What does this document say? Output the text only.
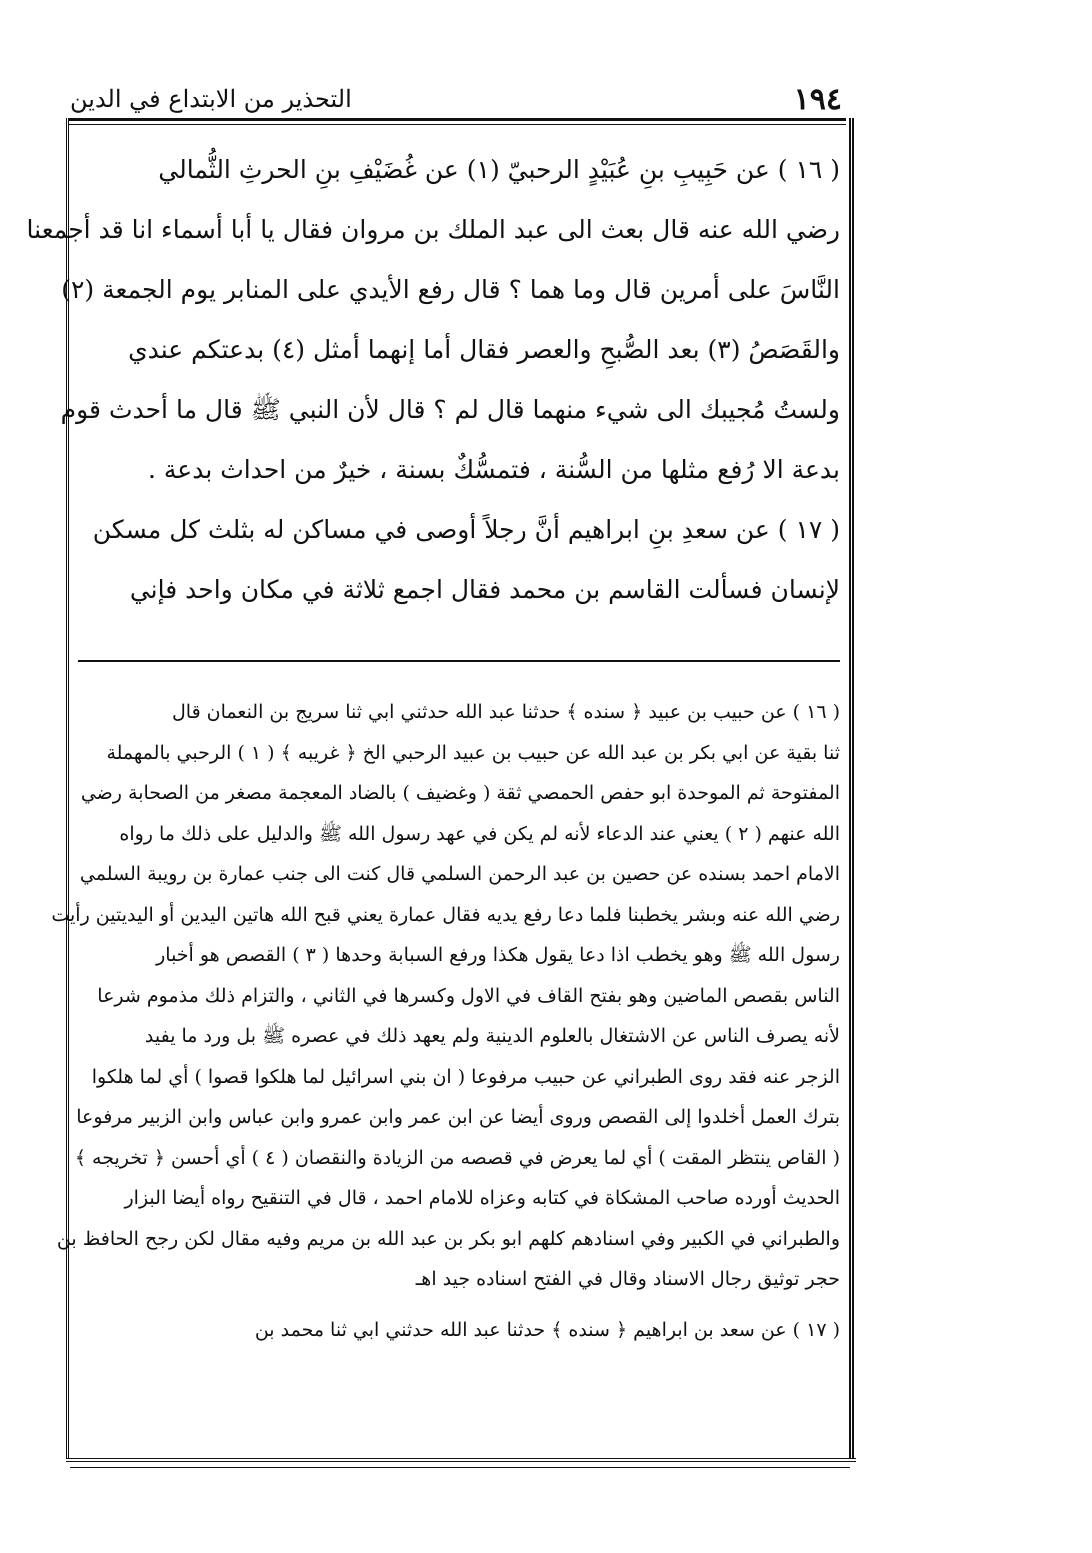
١٩٤
التحذير من الابتداع في الدين
( ١٦ ) عن حَبِيبِ بنِ عُبَيْدٍ الرحبيّ (١) عن غُضَيْفِ بنِ الحرثِ الثُّمالي
رضي الله عنه قال بعث الى عبد الملك بن مروان فقال يا أبا أسماء انا قد أجمعنا
النَّاسَ على أمرين قال وما هما ؟ قال رفع الأيدي على المنابر يوم الجمعة (٢)
والقَصَصُ (٣) بعد الصُّبحِ والعصر فقال أما إنهما أمثل (٤) بدعتكم عندي
ولستُ مُجيبك الى شيء منهما قال لم ؟ قال لأن النبي ﷺ قال ما أحدث قوم
بدعة الا رُفع مثلها من السُّنة ، فتمسُّكٌ بسنة ، خيرٌ من احداث بدعة .
( ١٧ ) عن سعدِ بنِ ابراهيم أنَّ رجلاً أوصى في مساكن له بثلث كل مسكن
لإنسان فسألت القاسم بن محمد فقال اجمع ثلاثة في مكان واحد فإني
( ١٦ ) عن حبيب بن عبيد ﴿ سنده ﴾ حدثنا عبد الله حدثني ابي ثنا سريج بن النعمان قال
ثنا بقية عن ابي بكر بن عبد الله عن حبيب بن عبيد الرحبي الخ ﴿ غريبه ﴾ ( ١ ) الرحبي بالمهملة
المفتوحة ثم الموحدة ابو حفص الحمصي ثقة ( وغضيف ) بالضاد المعجمة مصغر من الصحابة رضي
الله عنهم ( ٢ ) يعني عند الدعاء لأنه لم يكن في عهد رسول الله ﷺ والدليل على ذلك ما رواه
الامام احمد بسنده عن حصين بن عبد الرحمن السلمي قال كنت الى جنب عمارة بن رويبة السلمي
رضي الله عنه وبشر يخطبنا فلما دعا رفع يديه فقال عمارة يعني قبح الله هاتين اليدين أو اليديتين رأيت
رسول الله ﷺ وهو يخطب اذا دعا يقول هكذا ورفع السبابة وحدها ( ٣ ) القصص هو أخبار
الناس بقصص الماضين وهو بفتح القاف في الاول وكسرها في الثاني ، والتزام ذلك مذموم شرعا
لأنه يصرف الناس عن الاشتغال بالعلوم الدينية ولم يعهد ذلك في عصره ﷺ بل ورد ما يفيد
الزجر عنه فقد روى الطبراني عن حبيب مرفوعا ( ان بني اسرائيل لما هلكوا قصوا ) أي لما هلكوا
بترك العمل أخلدوا إلى القصص وروى أيضا عن ابن عمر وابن عمرو وابن عباس وابن الزبير مرفوعا
( القاص ينتظر المقت ) أي لما يعرض في قصصه من الزيادة والنقصان ( ٤ ) أي أحسن ﴿ تخريجه ﴾
الحديث أورده صاحب المشكاة في كتابه وعزاه للامام احمد ، قال في التنقيح رواه أيضا البزار
والطبراني في الكبير وفي اسنادهم كلهم ابو بكر بن عبد الله بن مريم وفيه مقال لكن رجح الحافظ بن
حجر توثيق رجال الاسناد وقال في الفتح اسناده جيد اهـ
( ١٧ ) عن سعد بن ابراهيم ﴿ سنده ﴾ حدثنا عبد الله حدثني ابي ثنا محمد بن
